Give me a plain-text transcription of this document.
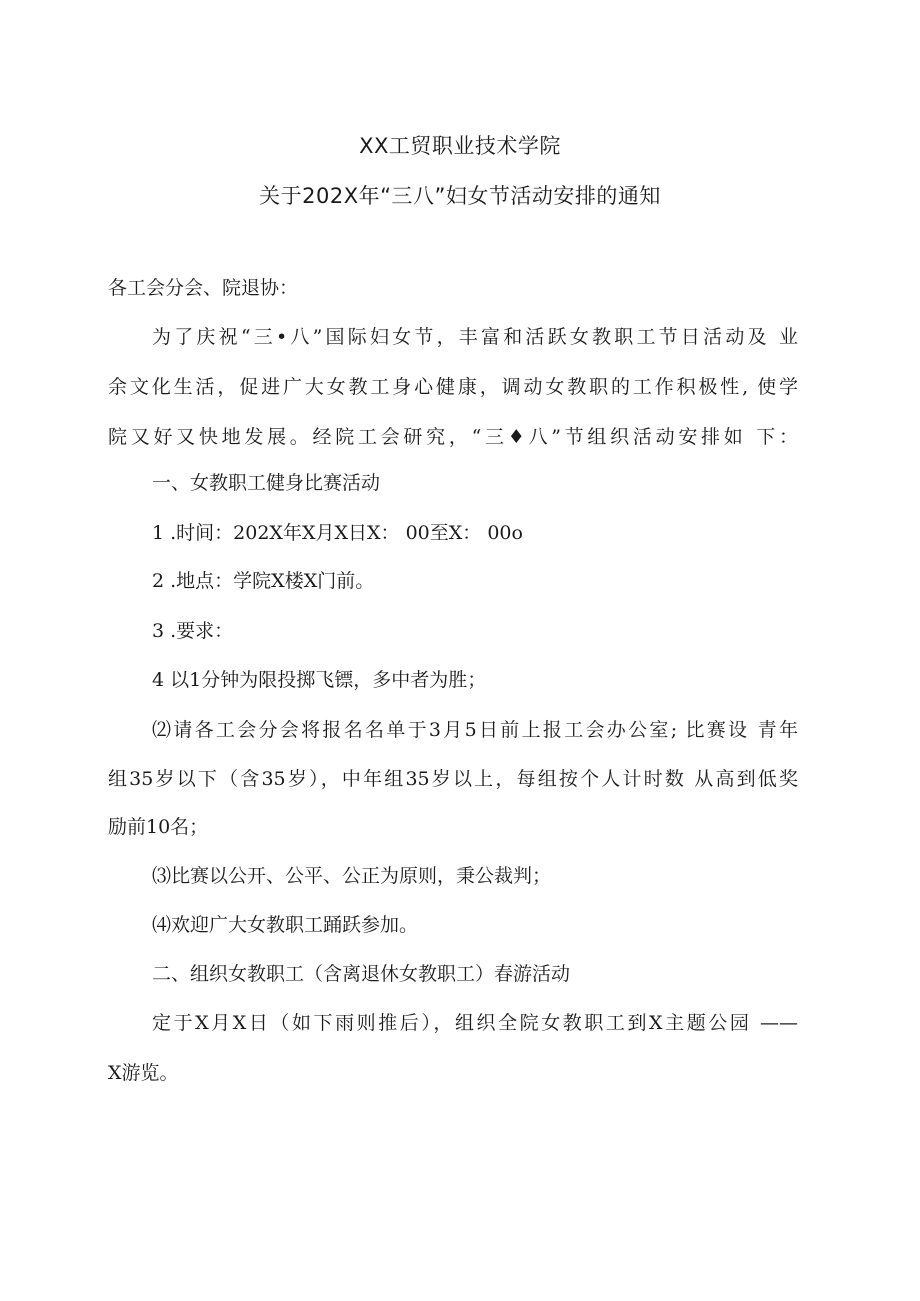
XX工贸职业技术学院
关于202X年“三八”妇女节活动安排的通知
各工会分会、院退协：
为了庆祝“三•八”国际妇女节，丰富和活跃女教职工节日活动及 业
余文化生活，促进广大女教工身心健康，调动女教职的工作积极性, 使学
院又好又快地发展。经院工会研究，“三♦八”节组织活动安排如 下：
一、女教职工健身比赛活动
1 .时间：202X年X月X日X： 00至X： 00o
2 .地点：学院X楼X门前。
3 .要求：
4 以1分钟为限投掷飞镖，多中者为胜；
⑵请各工会分会将报名名单于3月5日前上报工会办公室; 比赛设 青年
组35岁以下（含35岁），中年组35岁以上，每组按个人计时数 从高到低奖
励前10名；
⑶比赛以公开、公平、公正为原则，秉公裁判；
⑷欢迎广大女教职工踊跃参加。
二、组织女教职工（含离退休女教职工）春游活动
定于X月X日（如下雨则推后），组织全院女教职工到X主题公园 ——
X游览。
